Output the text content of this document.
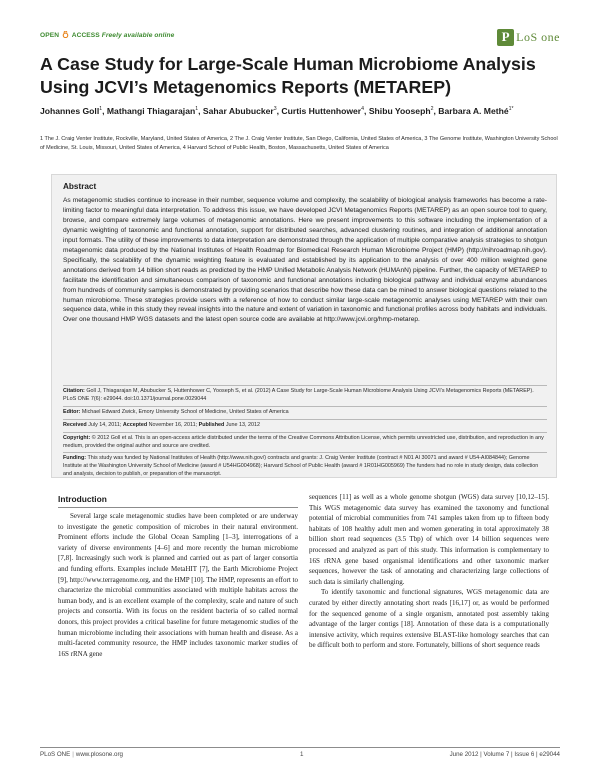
OPEN ACCESS Freely available online	P LoS one
A Case Study for Large-Scale Human Microbiome Analysis Using JCVI’s Metagenomics Reports (METAREP)
Johannes Goll$^1$, Mathangi Thiagarajan$^1$, Sahar Abubucker$^3$, Curtis Huttenhower$^4$, Shibu Yooseph$^2$, Barbara A. Methé$^{1*}$
1 The J. Craig Venter Institute, Rockville, Maryland, United States of America, 2 The J. Craig Venter Institute, San Diego, California, United States of America, 3 The Genome Institute, Washington University School of Medicine, St. Louis, Missouri, United States of America, 4 Harvard School of Public Health, Boston, Massachusetts, United States of America
Abstract
As metagenomic studies continue to increase in their number, sequence volume and complexity, the scalability of biological analysis frameworks has become a rate-limiting factor to meaningful data interpretation. To address this issue, we have developed JCVI Metagenomics Reports (METAREP) as an open source tool to query, browse, and compare extremely large volumes of metagenomic annotations. Here we present improvements to this software including the implementation of a dynamic weighting of taxonomic and functional annotation, support for distributed searches, advanced clustering routines, and integration of additional annotation input formats. The utility of these improvements to data interpretation are demonstrated through the application of multiple comparative analysis strategies to shotgun metagenomic data produced by the National Institutes of Health Roadmap for Biomedical Research Human Microbiome Project (HMP) (http://nihroadmap.nih.gov). Specifically, the scalability of the dynamic weighting feature is evaluated and established by its application to the analysis of over 400 million weighted gene annotations derived from 14 billion short reads as predicted by the HMP Unified Metabolic Analysis Network (HUMAnN) pipeline. Further, the capacity of METAREP to facilitate the identification and simultaneous comparison of taxonomic and functional annotations including biological pathway and individual enzyme abundances from hundreds of community samples is demonstrated by providing scenarios that describe how these data can be mined to answer biological questions related to the human microbiome. These strategies provide users with a reference of how to conduct similar large-scale metagenomic analyses using METAREP with their own sequence data, while in this study they reveal insights into the nature and extent of variation in taxonomic and functional profiles across body habitats and individuals. Over one thousand HMP WGS datasets and the latest open source code are available at http://www.jcvi.org/hmp-metarep.
Citation: Goll J, Thiagarajan M, Abubucker S, Huttenhower C, Yooseph S, et al. (2012) A Case Study for Large-Scale Human Microbiome Analysis Using JCVI’s Metagenomics Reports (METAREP). PLoS ONE 7(6): e29044. doi:10.1371/journal.pone.0029044
Editor: Michael Edward Zwick, Emory University School of Medicine, United States of America
Received July 14, 2011; Accepted November 16, 2011; Published June 13, 2012
Copyright: © 2012 Goll et al. This is an open-access article distributed under the terms of the Creative Commons Attribution License, which permits unrestricted use, distribution, and reproduction in any medium, provided the original author and source are credited.
Funding: This study was funded by National Institutes of Health (http://www.nih.gov/) contracts and grants: J. Craig Venter Institute (contract # N01 AI 30071 and award # U54-AI084844); Genome Institute at the Washington University School of Medicine (award # U54HG004968); Harvard School of Public Health (award # 1R01HG005969) The funders had no role in study design, data collection and analysis, decision to publish, or preparation of the manuscript.
Introduction
Several large scale metagenomic studies have been completed or are underway to investigate the genetic composition of microbes in their natural environment. Prominent efforts include the Global Ocean Sampling [1–3], interrogations of a variety of diverse environments [4–6] and more recently the human microbiome [7,8]. Increasingly such work is planned and carried out as part of larger consortia and funding efforts. Examples include MetaHIT [7], the Earth Microbiome Project [9], http://www.terragenome.org, and the HMP [10]. The HMP, represents an effort to characterize the microbial communities associated with multiple habitats across the human body, and is an excellent example of the complexity, scale and nature of such projects and consortia. With its focus on the resident bacteria of so called normal donors, this project provides a critical baseline for future metagenomic studies of the human microbiome including their associations with human health and disease. As a multi-faceted community resource, the HMP includes taxonomic marker studies of 16S rRNA gene
sequences [11] as well as a whole genome shotgun (WGS) data survey [10,12–15]. This WGS metagenomic data survey has examined the taxonomy and functional potential of microbial communities from 741 samples taken from up to fifteen body habitats of 108 healthy adult men and women generating in total approximately 38 billion short read sequences (3.5 Tbp) of which over 14 billion sequences were processed and analyzed as part of this study. This information is complementary to 16S rRNA gene based organismal identifications and other taxonomic marker sequences, however the task of annotating and characterizing large collections of such data is similarly challenging.
To identify taxonomic and functional signatures, WGS metagenomic data are curated by either directly annotating short reads [16,17] or, as would be performed for the sequenced genome of a single organism, annotated post assembly taking advantage of the larger contigs [18]. Annotation of these data is a computationally intensive activity, which requires extensive BLAST-like homology searches that can be difficult both to perform and store. Fortunately, billions of short sequence reads
PLoS ONE | www.plosone.org	1	June 2012 | Volume 7 | Issue 6 | e29044
